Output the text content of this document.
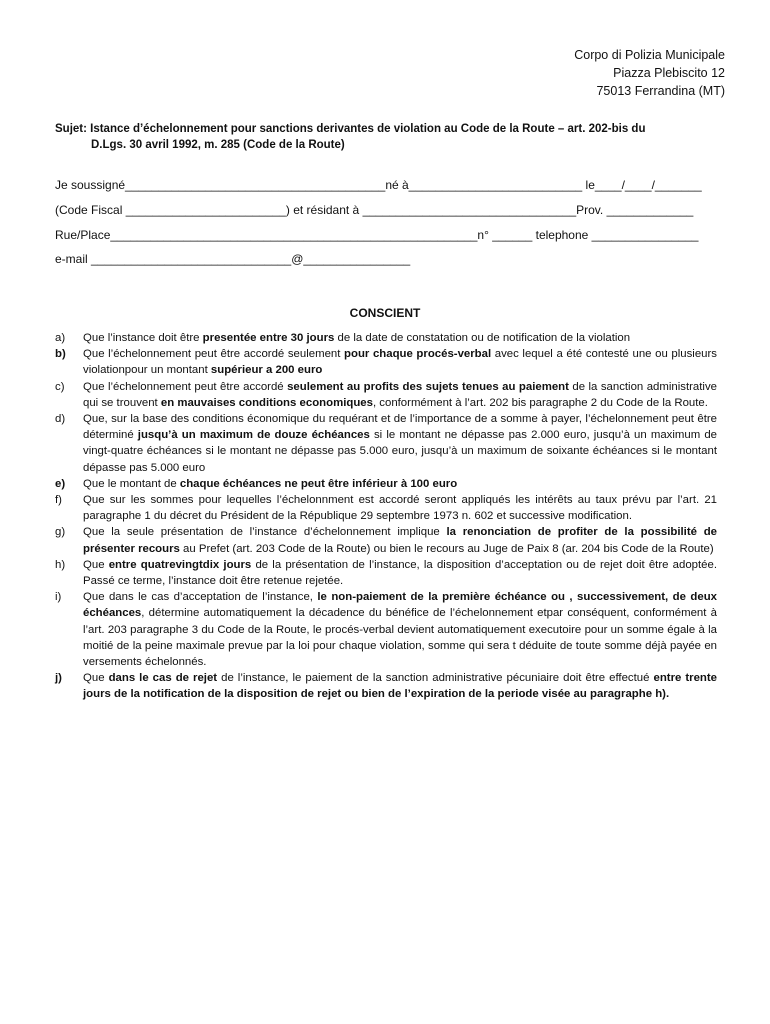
Corpo di Polizia Municipale
Piazza Plebiscito 12
75013 Ferrandina (MT)
Sujet: Istance d’échelonnement pour sanctions derivantes de violation au Code de la Route – art. 202-bis du
D.Lgs. 30 avril 1992, m. 285 (Code de la Route)
Je soussigné_______________________________________né à__________________________ le____/____/_______
(Code Fiscal ________________________) et résidant à ________________________________Prov. _____________
Rue/Place_______________________________________________________n° ______ telephone ________________
e-mail ______________________________@________________
CONSCIENT
a) Que l’instance doit être presentée entre 30 jours de la date de constatation ou de notification de la violation
b) Que l’échelonnement peut être accordé seulement pour chaque procés-verbal avec lequel a été contesté une ou plusieurs violationpour un montant supérieur a 200 euro
c) Que l’échelonnement peut être accordé seulement au profits des sujets tenues au paiement de la sanction administrative qui se trouvent en mauvaises conditions economiques, conformément à l’art. 202 bis paragraphe 2 du Code de la Route.
d) Que, sur la base des conditions économique du requérant et de l’importance de a somme à payer, l’échelonnement peut être déterminé jusqu’à un maximum de douze échéances si le montant ne dépasse pas 2.000 euro, jusqu’à un maximum de vingt-quatre échéances si le montant ne dépasse pas 5.000 euro, jusqu’à un maximum de soixante échéances si le montant dépasse pas 5.000 euro
e) Que le montant de chaque échéances ne peut être inférieur à 100 euro
f) Que sur les sommes pour lequelles l’échelonnment est accordé seront appliqués les intérêts au taux prévu par l’art. 21 paragraphe 1 du décret du Président de la République 29 septembre 1973 n. 602 et successive modification.
g) Que la seule présentation de l’instance d’échelonnement implique la renonciation de profiter de la possibilité de présenter recours au Prefet (art. 203 Code de la Route) ou bien le recours au Juge de Paix 8 (ar. 204 bis Code de la Route)
h) Que entre quatrevingtdix jours de la présentation de l’instance, la disposition d’acceptation ou de rejet doit être adoptée. Passé ce terme, l’instance doit être retenue rejetée.
i) Que dans le cas d’acceptation de l’instance, le non-paiement de la première échéance ou , successivement, de deux échéances, détermine automatiquement la décadence du bénéfice de l’échelonnement etpar conséquent, conformément à l’art. 203 paragraphe 3 du Code de la Route, le procés-verbal devient automatiquement executoire pour un somme égale à la moitié de la peine maximale prevue par la loi pour chaque violation, somme qui sera t déduite de toute somme déjà payée en versements échelonnés.
j) Que dans le cas de rejet de l’instance, le paiement de la sanction administrative pécuniaire doit être effectué entre trente jours de la notification de la disposition de rejet ou bien de l’expiration de la periode visée au paragraphe h).
